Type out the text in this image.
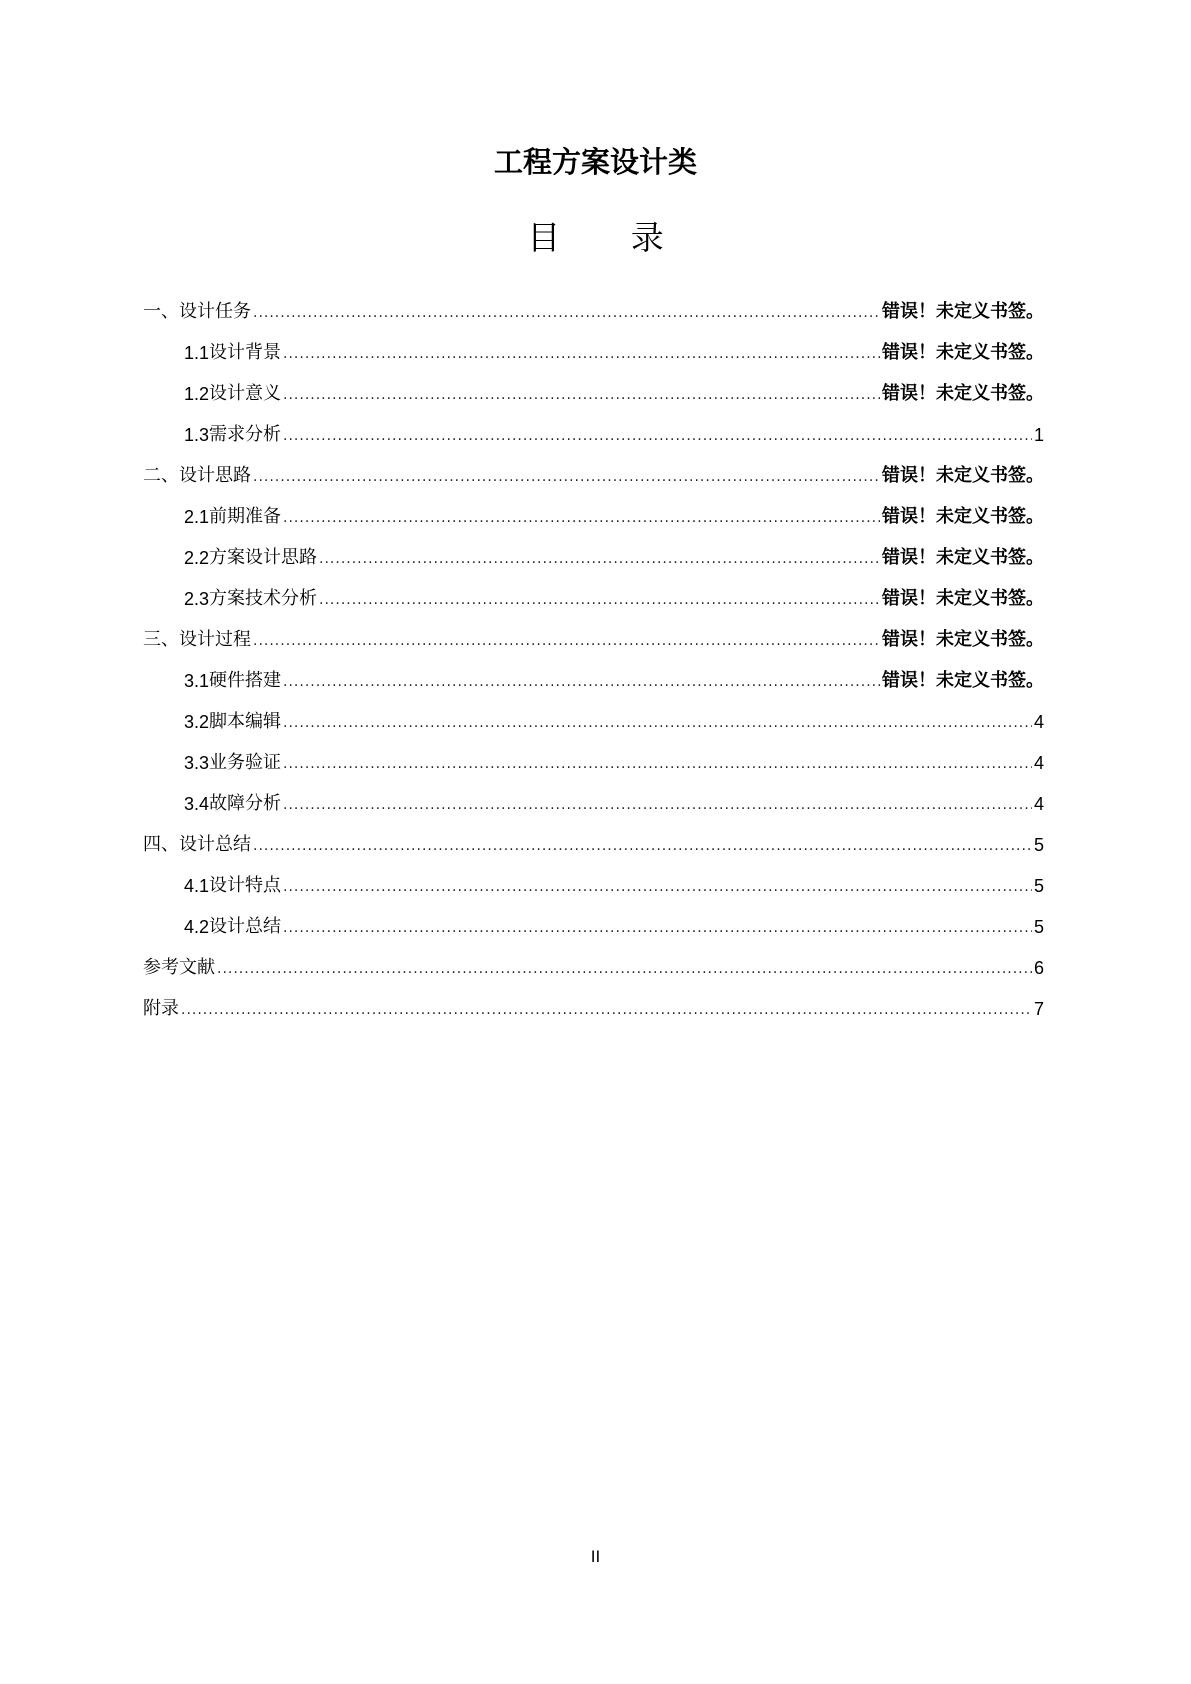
工程方案设计类
目 录
一、 设计任务 .....	错误！未定义书签。
1.1 设计背景 .....	错误！未定义书签。
1.2 设计意义 .....	错误！未定义书签。
1.3 需求分析 .....	1
二、 设计思路 .....	错误！未定义书签。
2.1 前期准备 .....	错误！未定义书签。
2.2 方案设计思路 .....	错误！未定义书签。
2.3 方案技术分析 .....	错误！未定义书签。
三、 设计过程 .....	错误！未定义书签。
3.1 硬件搭建 .....	错误！未定义书签。
3.2 脚本编辑 .....	4
3.3 业务验证 .....	4
3.4 故障分析 .....	4
四、 设计总结 .....	5
4.1 设计特点 .....	5
4.2 设计总结 .....	5
参考文献 .....	6
附录 .....	7
II
